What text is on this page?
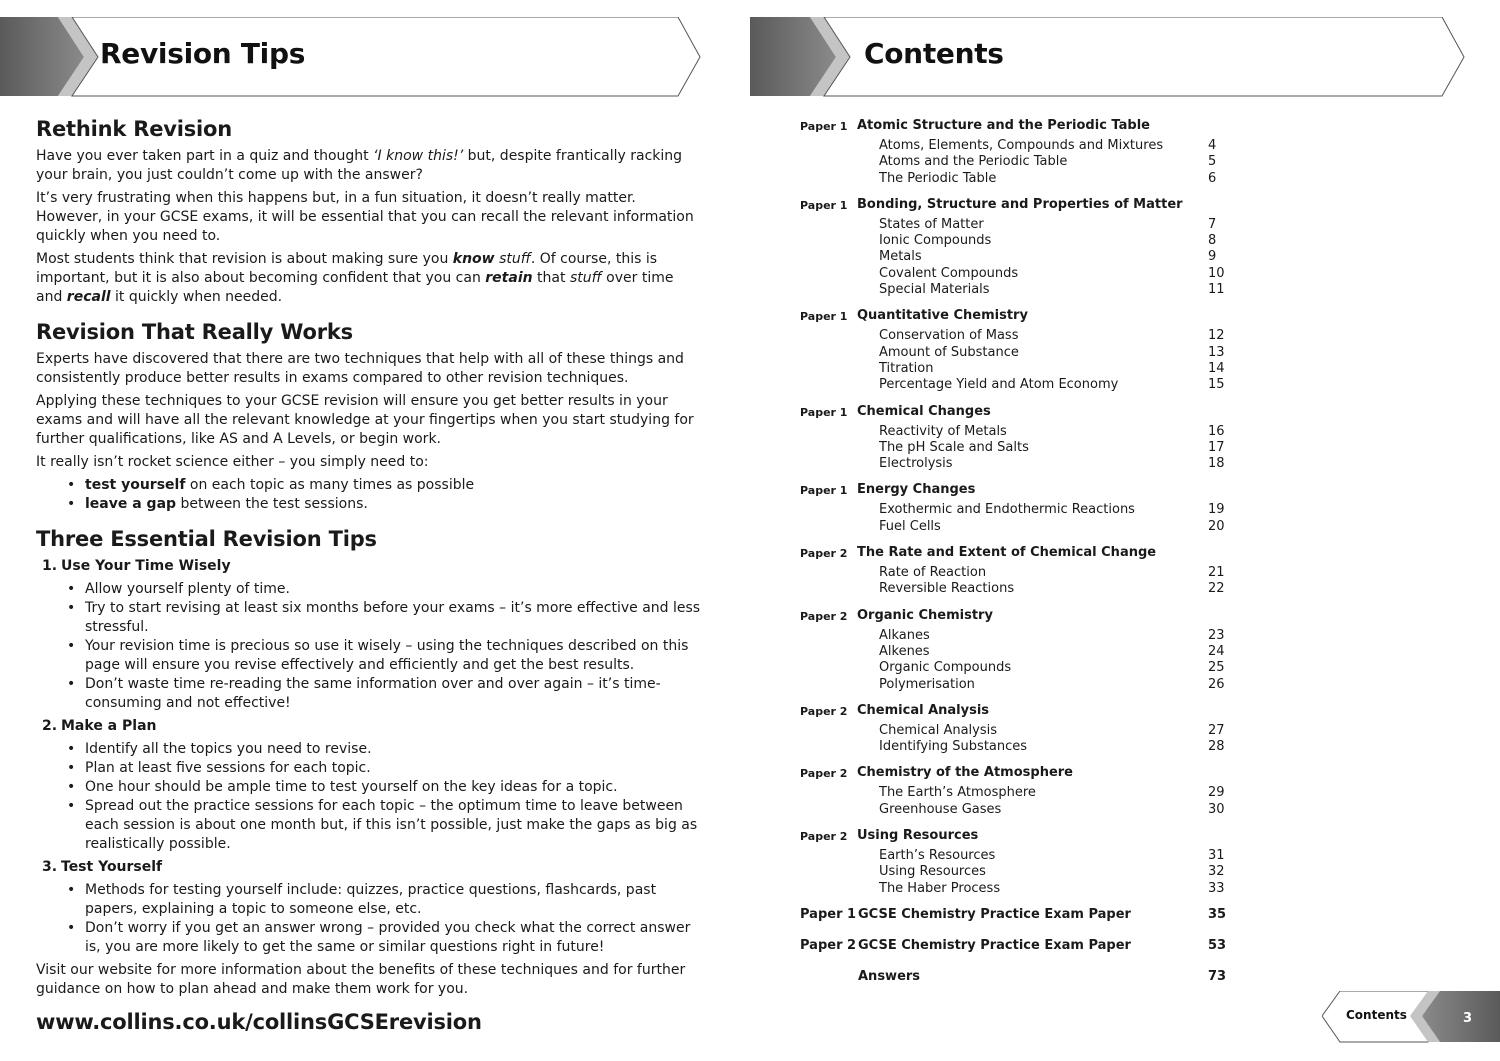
Revision Tips	Contents
Rethink Revision

Have you ever taken part in a quiz and thought ‘I know this!’ but, despite frantically racking your brain, you just couldn’t come up with the answer?

It’s very frustrating when this happens but, in a fun situation, it doesn’t really matter. However, in your GCSE exams, it will be essential that you can recall the relevant information quickly when you need to.

Most students think that revision is about making sure you know stuff. Of course, this is important, but it is also about becoming confident that you can retain that stuff over time and recall it quickly when needed.

Revision That Really Works

Experts have discovered that there are two techniques that help with all of these things and consistently produce better results in exams compared to other revision techniques.

Applying these techniques to your GCSE revision will ensure you get better results in your exams and will have all the relevant knowledge at your fingertips when you start studying for further qualifications, like AS and A Levels, or begin work.

It really isn’t rocket science either – you simply need to:

• test yourself on each topic as many times as possible
• leave a gap between the test sessions.
Three Essential Revision Tips
1. Use Your Time Wisely
• Allow yourself plenty of time.
• Try to start revising at least six months before your exams – it’s more effective and less stressful.
• Your revision time is precious so use it wisely – using the techniques described on this page will ensure you revise effectively and efficiently and get the best results.
• Don’t waste time re-reading the same information over and over again – it’s time-consuming and not effective!
2. Make a Plan
• Identify all the topics you need to revise.
• Plan at least five sessions for each topic.
• One hour should be ample time to test yourself on the key ideas for a topic.
• Spread out the practice sessions for each topic – the optimum time to leave between each session is about one month but, if this isn’t possible, just make the gaps as big as realistically possible.
3. Test Yourself
• Methods for testing yourself include: quizzes, practice questions, flashcards, past papers, explaining a topic to someone else, etc.
• Don’t worry if you get an answer wrong – provided you check what the correct answer is, you are more likely to get the same or similar questions right in future!

Visit our website for more information about the benefits of these techniques and for further guidance on how to plan ahead and make them work for you.

www.collins.co.uk/collinsGCSErevision
Paper 1 Atomic Structure and the Periodic Table
Atoms, Elements, Compounds and Mixtures	4
Atoms and the Periodic Table	5
The Periodic Table	6
Paper 1 Bonding, Structure and Properties of Matter
States of Matter	7
Ionic Compounds	8
Metals	9
Covalent Compounds	10
Special Materials	11
Paper 1 Quantitative Chemistry
Conservation of Mass	12
Amount of Substance	13
Titration	14
Percentage Yield and Atom Economy	15
Paper 1 Chemical Changes
Reactivity of Metals	16
The pH Scale and Salts	17
Electrolysis	18
Paper 1 Energy Changes
Exothermic and Endothermic Reactions	19
Fuel Cells	20
Paper 2 The Rate and Extent of Chemical Change
Rate of Reaction	21
Reversible Reactions	22
Paper 2 Organic Chemistry
Alkanes	23
Alkenes	24
Organic Compounds	25
Polymerisation	26
Paper 2 Chemical Analysis
Chemical Analysis	27
Identifying Substances	28
Paper 2 Chemistry of the Atmosphere
The Earth’s Atmosphere	29
Greenhouse Gases	30
Paper 2 Using Resources
Earth’s Resources	31
Using Resources	32
The Haber Process	33
Paper 1 GCSE Chemistry Practice Exam Paper	35
Paper 2 GCSE Chemistry Practice Exam Paper	53
Answers	73
Contents	3
